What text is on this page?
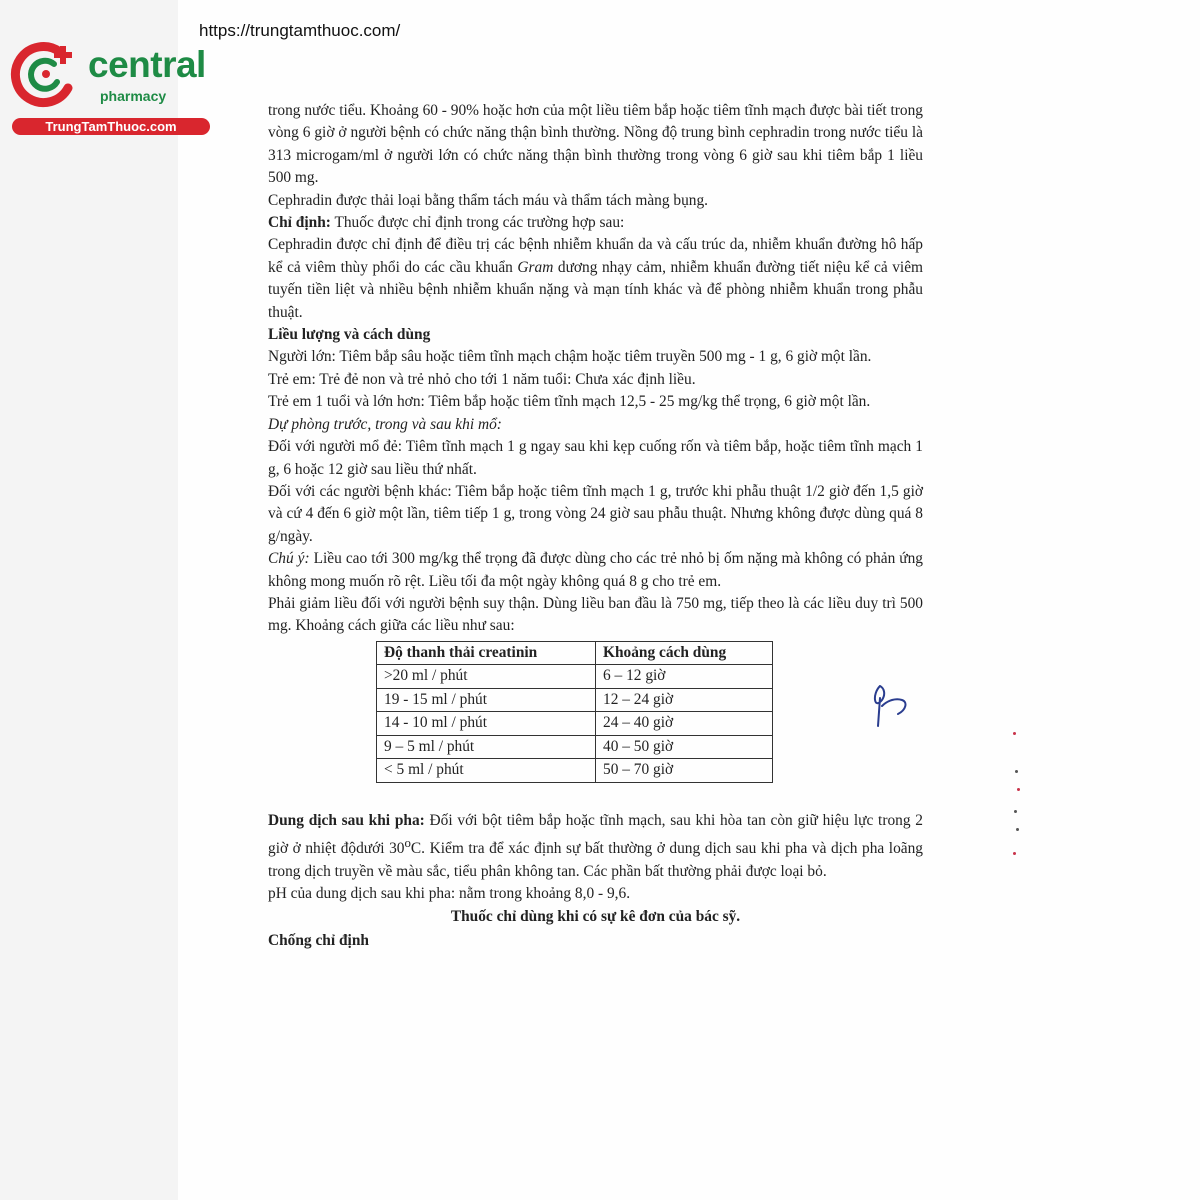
https://trungtamthuoc.com/
central
pharmacy
TrungTamThuoc.com

trong nước tiểu. Khoảng 60 - 90% hoặc hơn của một liều tiêm bắp hoặc tiêm tĩnh mạch được bài tiết trong vòng 6 giờ ở người bệnh có chức năng thận bình thường. Nồng độ trung bình cephradin trong nước tiểu là 313 microgam/ml ở người lớn có chức năng thận bình thường trong vòng 6 giờ sau khi tiêm bắp 1 liều 500 mg.

Cephradin được thải loại bằng thẩm tách máu và thẩm tách màng bụng.

Chỉ định: Thuốc được chỉ định trong các trường hợp sau:

Cephradin được chỉ định để điều trị các bệnh nhiễm khuẩn da và cấu trúc da, nhiễm khuẩn đường hô hấp kể cả viêm thùy phổi do các cầu khuẩn Gram dương nhạy cảm, nhiễm khuẩn đường tiết niệu kể cả viêm tuyến tiền liệt và nhiều bệnh nhiễm khuẩn nặng và mạn tính khác và để phòng nhiễm khuẩn trong phẫu thuật.

Liều lượng và cách dùng

Người lớn: Tiêm bắp sâu hoặc tiêm tĩnh mạch chậm hoặc tiêm truyền 500 mg - 1 g, 6 giờ một lần.

Trẻ em: Trẻ đẻ non và trẻ nhỏ cho tới 1 năm tuổi: Chưa xác định liều.

Trẻ em 1 tuổi và lớn hơn: Tiêm bắp hoặc tiêm tĩnh mạch 12,5 - 25 mg/kg thể trọng, 6 giờ một lần.

Dự phòng trước, trong và sau khi mổ:

Đối với người mổ đẻ: Tiêm tĩnh mạch 1 g ngay sau khi kẹp cuống rốn và tiêm bắp, hoặc tiêm tĩnh mạch 1 g, 6 hoặc 12 giờ sau liều thứ nhất.

Đối với các người bệnh khác: Tiêm bắp hoặc tiêm tĩnh mạch 1 g, trước khi phẫu thuật 1/2 giờ đến 1,5 giờ và cứ 4 đến 6 giờ một lần, tiêm tiếp 1 g, trong vòng 24 giờ sau phẫu thuật. Nhưng không được dùng quá 8 g/ngày.

Chú ý: Liều cao tới 300 mg/kg thể trọng đã được dùng cho các trẻ nhỏ bị ốm nặng mà không có phản ứng không mong muốn rõ rệt. Liều tối đa một ngày không quá 8 g cho trẻ em.

Phải giảm liều đối với người bệnh suy thận. Dùng liều ban đầu là 750 mg, tiếp theo là các liều duy trì 500 mg. Khoảng cách giữa các liều như sau:

Độ thanh thải creatinin	Khoảng cách dùng
>20 ml / phút	6 – 12 giờ
19 - 15 ml / phút	12 – 24 giờ
14 - 10 ml / phút	24 – 40 giờ
9 – 5 ml / phút	40 – 50 giờ
< 5 ml / phút	50 – 70 giờ

Dung dịch sau khi pha: Đối với bột tiêm bắp hoặc tĩnh mạch, sau khi hòa tan còn giữ hiệu lực trong 2 giờ ở nhiệt độdưới 30$^o$C. Kiểm tra để xác định sự bất thường ở dung dịch sau khi pha và dịch pha loãng trong dịch truyền về màu sắc, tiểu phân không tan. Các phần bất thường phải được loại bỏ.

pH của dung dịch sau khi pha: nằm trong khoảng 8,0 - 9,6.

Thuốc chỉ dùng khi có sự kê đơn của bác sỹ.

Chống chỉ định
